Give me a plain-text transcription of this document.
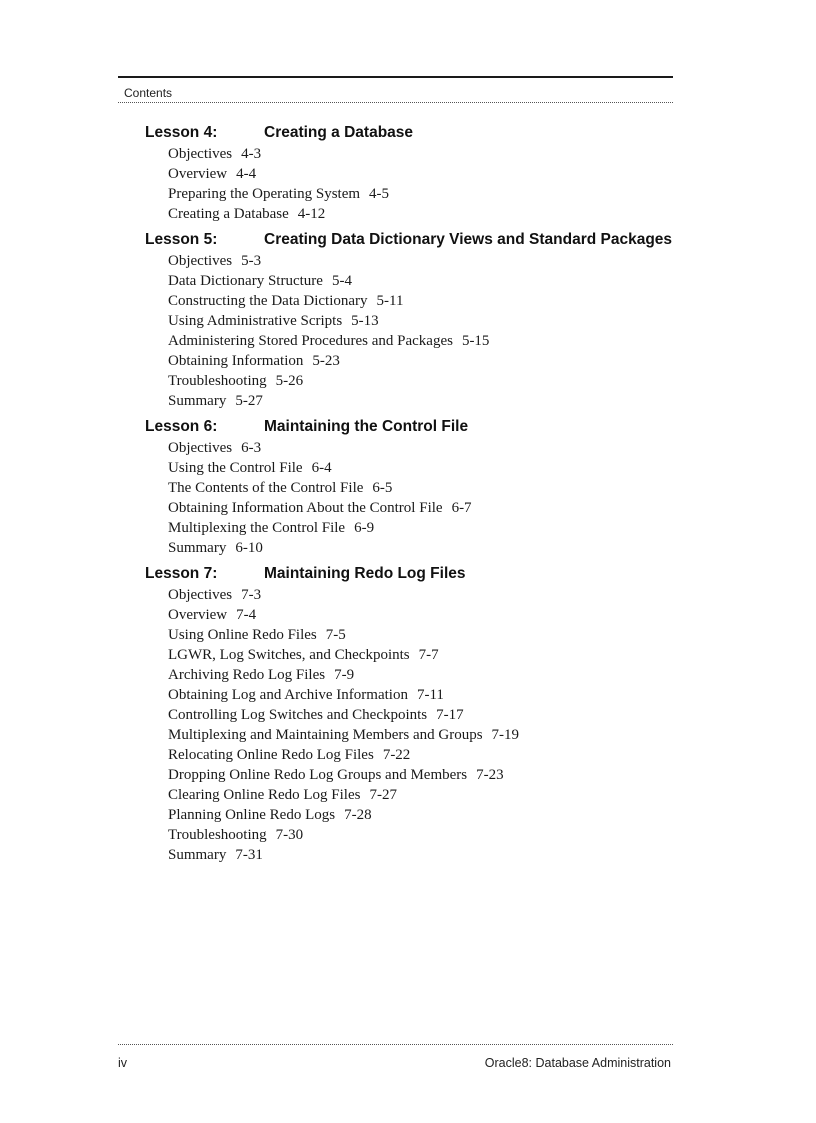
Contents
Lesson 4:	Creating a Database
Objectives 4-3
Overview 4-4
Preparing the Operating System 4-5
Creating a Database 4-12
Lesson 5:	Creating Data Dictionary Views and Standard Packages
Objectives 5-3
Data Dictionary Structure 5-4
Constructing the Data Dictionary 5-11
Using Administrative Scripts 5-13
Administering Stored Procedures and Packages 5-15
Obtaining Information 5-23
Troubleshooting 5-26
Summary 5-27
Lesson 6:	Maintaining the Control File
Objectives 6-3
Using the Control File 6-4
The Contents of the Control File 6-5
Obtaining Information About the Control File 6-7
Multiplexing the Control File 6-9
Summary 6-10
Lesson 7:	Maintaining Redo Log Files
Objectives 7-3
Overview 7-4
Using Online Redo Files 7-5
LGWR, Log Switches, and Checkpoints 7-7
Archiving Redo Log Files 7-9
Obtaining Log and Archive Information 7-11
Controlling Log Switches and Checkpoints 7-17
Multiplexing and Maintaining Members and Groups 7-19
Relocating Online Redo Log Files 7-22
Dropping Online Redo Log Groups and Members 7-23
Clearing Online Redo Log Files 7-27
Planning Online Redo Logs 7-28
Troubleshooting 7-30
Summary 7-31
iv	Oracle8: Database Administration
